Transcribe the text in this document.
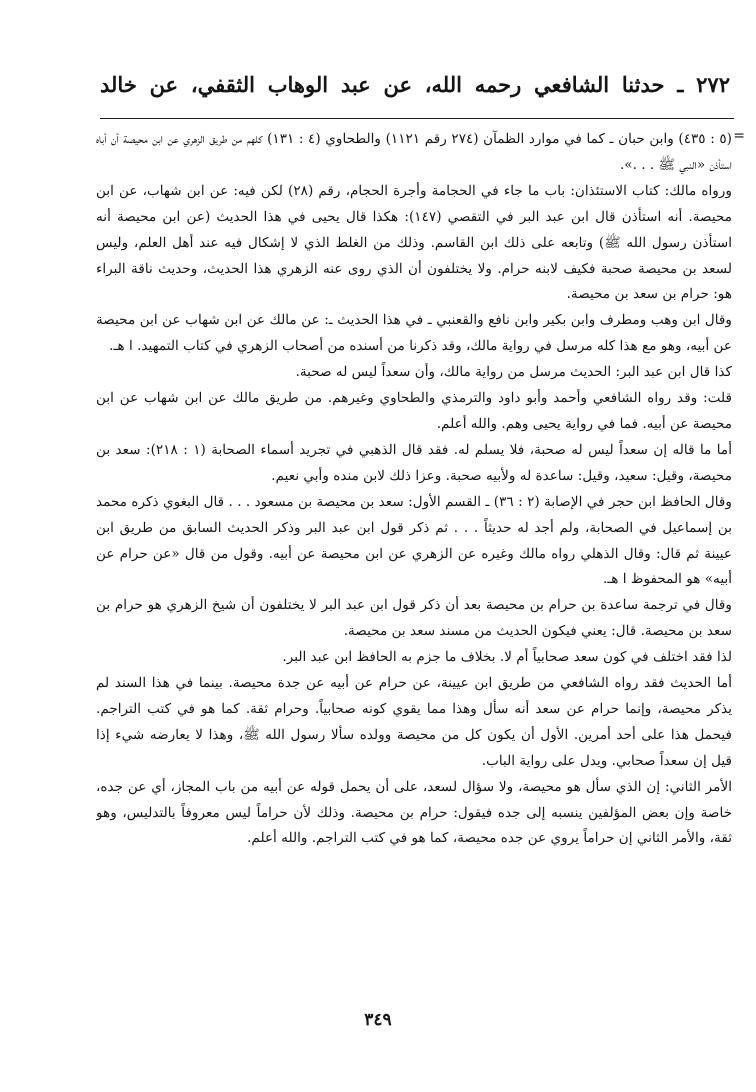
٢٧٢ ـ حدثنا الشافعي رحمه الله، عن عبد الوهاب الثقفي، عن خالد
=

(٥ : ٤٣٥) وابن حبان ـ كما في موارد الظمآن (٢٧٤ رقم ١١٢١) والطحاوي (٤ : ١٣١) كلهم من طريق الزهري عن ابن محيصة أن أباه استأذن «النبي ﷺ . . .».

ورواه مالك: كتاب الاستئذان: باب ما جاء في الحجامة وأجرة الحجام، رقم (٢٨) لكن فيه: عن ابن شهاب، عن ابن محيصة. أنه استأذن قال ابن عبد البر في التقصي (١٤٧): هكذا قال يحيى في هذا الحديث (عن ابن محيصة أنه استأذن رسول الله ﷺ) وتابعه على ذلك ابن القاسم. وذلك من الغلط الذي لا إشكال فيه عند أهل العلم، وليس لسعد بن محيصة صحبة فكيف لابنه حرام. ولا يختلفون أن الذي روى عنه الزهري هذا الحديث، وحديث ناقة البراء هو: حرام بن سعد بن محيصة.

وقال ابن وهب ومطرف وابن بكير وابن نافع والقعنبي ـ في هذا الحديث ـ: عن مالك عن ابن شهاب عن ابن محيصة عن أبيه، وهو مع هذا كله مرسل في رواية مالك، وقد ذكرنا من أسنده من أصحاب الزهري في كتاب التمهيد. ا هـ.

كذا قال ابن عبد البر: الحديث مرسل من رواية مالك، وأن سعداً ليس له صحبة.

قلت: وقد رواه الشافعي وأحمد وأبو داود والترمذي والطحاوي وغيرهم. من طريق مالك عن ابن شهاب عن ابن محيصة عن أبيه. فما في رواية يحيى وهم. والله أعلم.

أما ما قاله إن سعداً ليس له صحبة، فلا يسلم له. فقد قال الذهبي في تجريد أسماء الصحابة (١ : ٢١٨): سعد بن محيصة، وقيل: سعيد، وقيل: ساعدة له ولأبيه صحبة. وعزا ذلك لابن منده وأبي نعيم.

وقال الحافظ ابن حجر في الإصابة (٢ : ٣٦) ـ القسم الأول: سعد بن محيصة بن مسعود . . . قال البغوي ذكره محمد بن إسماعيل في الصحابة، ولم أجد له حديثاً . . . ثم ذكر قول ابن عبد البر وذكر الحديث السابق من طريق ابن عيينة ثم قال: وقال الذهلي رواه مالك وغيره عن الزهري عن ابن محيصة عن أبيه. وقول من قال «عن حرام عن أبيه» هو المحفوظ ا هـ.

وقال في ترجمة ساعدة بن حرام بن محيصة بعد أن ذكر قول ابن عبد البر لا يختلفون أن شيخ الزهري هو حرام بن سعد بن محيصة. قال: يعني فيكون الحديث من مسند سعد بن محيصة.

لذا فقد اختلف في كون سعد صحابياً أم لا. بخلاف ما جزم به الحافظ ابن عبد البر.

أما الحديث فقد رواه الشافعي من طريق ابن عيينة، عن حرام عن أبيه عن جدة محيصة. بينما في هذا السند لم يذكر محيصة، وإنما حرام عن سعد أنه سأل وهذا مما يقوي كونه صحابياً. وحرام ثقة. كما هو في كتب التراجم. فيحمل هذا على أحد أمرين. الأول أن يكون كل من محيصة وولده سألا رسول الله ﷺ، وهذا لا يعارضه شيء إذا قيل إن سعداً صحابي. ويدل على رواية الباب.

الأمر الثاني: إن الذي سأل هو محيصة، ولا سؤال لسعد، على أن يحمل قوله عن أبيه من باب المجاز، أي عن جده، خاصة وإن بعض المؤلفين ينسبه إلى جده فيقول: حرام بن محيصة. وذلك لأن حراماً ليس معروفاً بالتدليس، وهو ثقة، والأمر الثاني إن حراماً يروي عن جده محيصة، كما هو في كتب التراجم. والله أعلم.

٣٤٩
